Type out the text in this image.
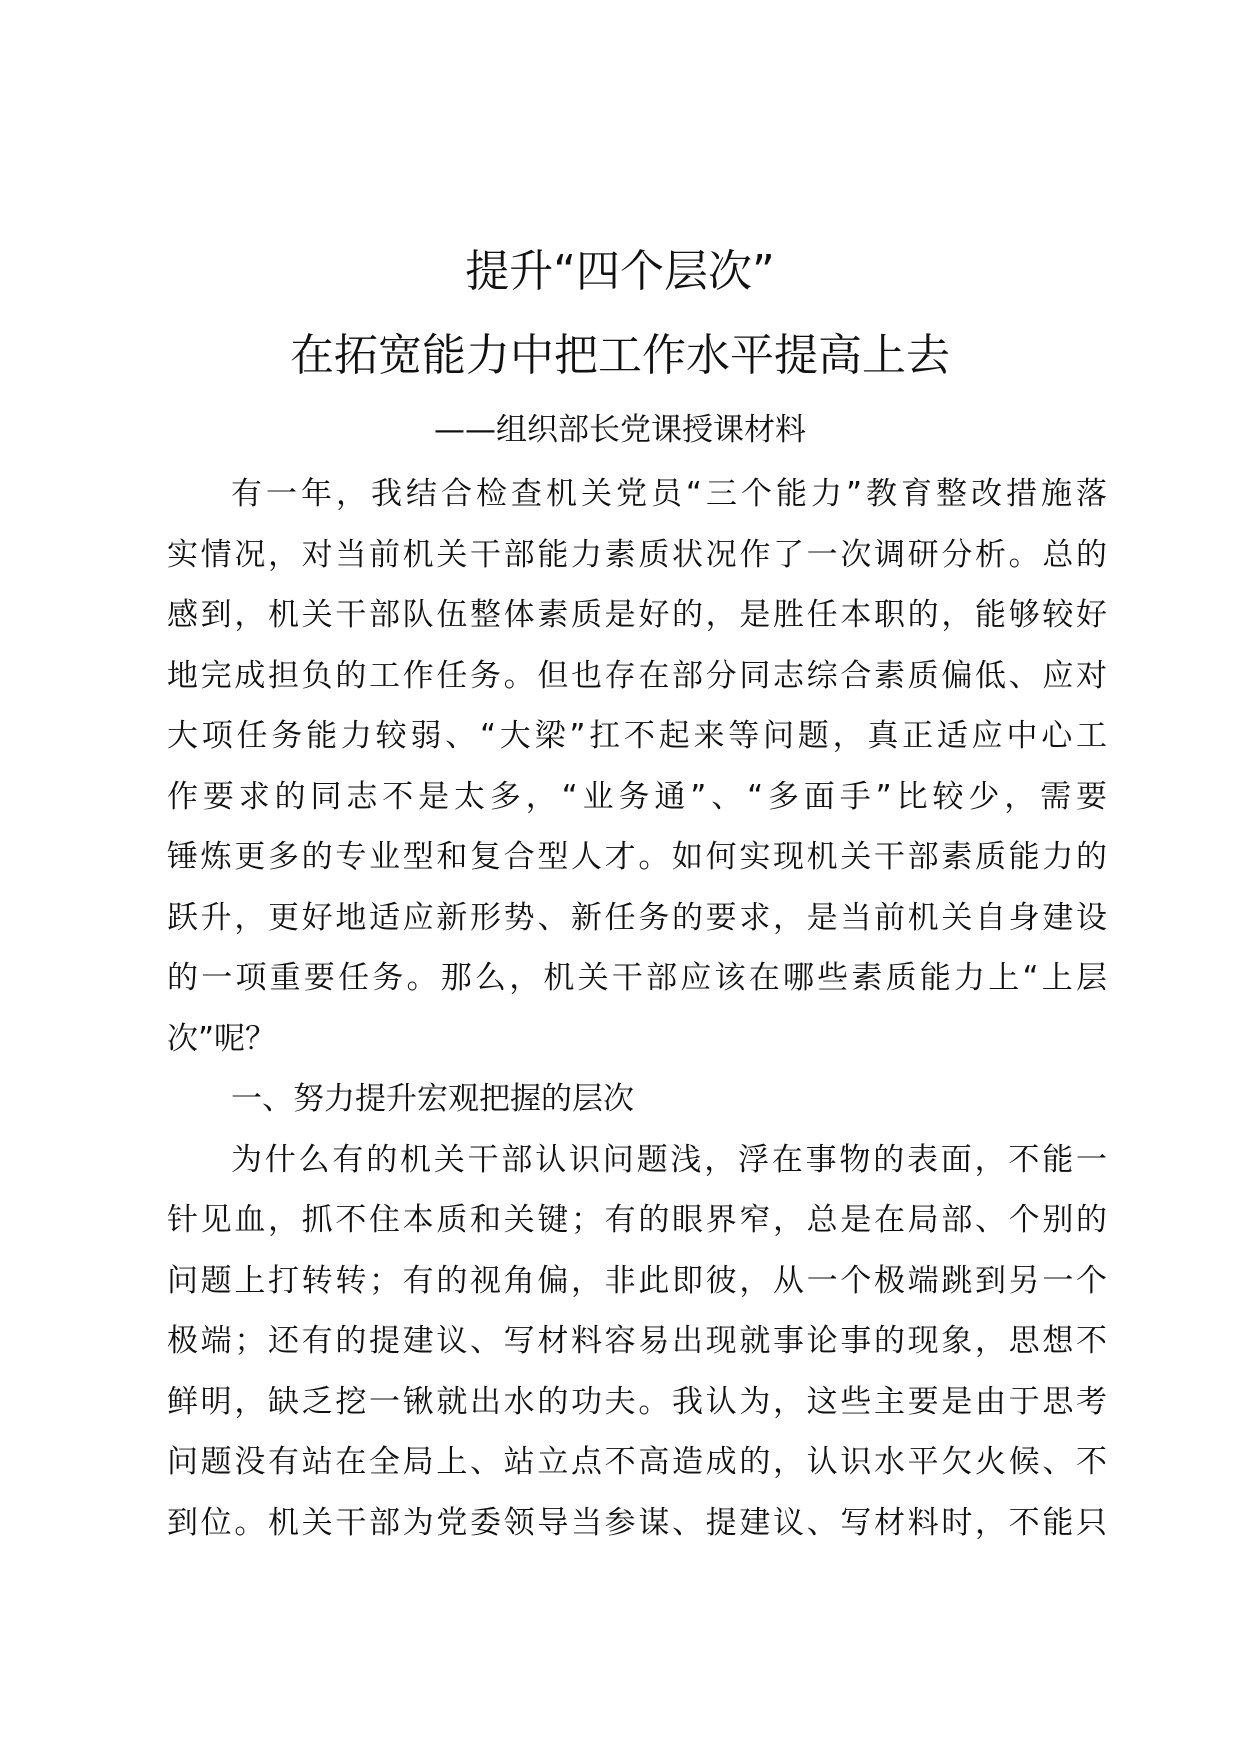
提升“四个层次”
在拓宽能力中把工作水平提高上去

——组织部长党课授课材料

有一年，我结合检查机关党员“三个能力”教育整改措施落

实情况，对当前机关干部能力素质状况作了一次调研分析。总的

感到，机关干部队伍整体素质是好的，是胜任本职的，能够较好

地完成担负的工作任务。但也存在部分同志综合素质偏低、应对

大项任务能力较弱、“大梁”扛不起来等问题，真正适应中心工

作要求的同志不是太多，“业务通”、“多面手”比较少，需要

锤炼更多的专业型和复合型人才。如何实现机关干部素质能力的

跃升，更好地适应新形势、新任务的要求，是当前机关自身建设

的一项重要任务。那么，机关干部应该在哪些素质能力上“上层

次”呢？

一、努力提升宏观把握的层次

为什么有的机关干部认识问题浅，浮在事物的表面，不能一

针见血，抓不住本质和关键；有的眼界窄，总是在局部、个别的

问题上打转转；有的视角偏，非此即彼，从一个极端跳到另一个

极端；还有的提建议、写材料容易出现就事论事的现象，思想不

鲜明，缺乏挖一锹就出水的功夫。我认为，这些主要是由于思考

问题没有站在全局上、站立点不高造成的，认识水平欠火候、不

到位。机关干部为党委领导当参谋、提建议、写材料时，不能只
